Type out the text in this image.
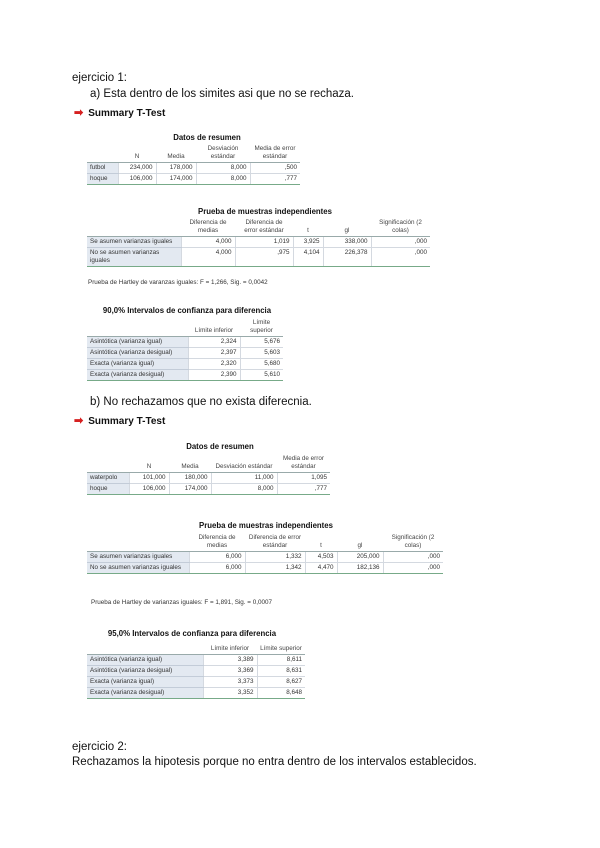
ejercicio 1:
a) Esta dentro de los simites asi que no se rechaza.
➡ Summary T-Test
Datos de resumen
	N	Media	Desviación estándar	Media de error estándar
futbol	234,000	178,000	8,000	,500
hoque	106,000	174,000	8,000	,777
Prueba de muestras independientes
	Diferencia de medias	Diferencia de error estándar	t	gl	Significación (2 colas)
Se asumen varianzas iguales	4,000	1,019	3,925	338,000	,000
No se asumen varianzas iguales	4,000	,975	4,104	226,378	,000
Prueba de Hartley de varanzas iguales: F = 1,266, Sig. = 0,0042
90,0% Intervalos de confianza para diferencia
	Límite inferior	Límite superior
Asintótica (varianza igual)	2,324	5,676
Asintótica (varianza desigual)	2,397	5,603
Exacta (varianza igual)	2,320	5,680
Exacta (varianza desigual)	2,390	5,610
b) No rechazamos que no exista diferecnia.
➡ Summary T-Test
Datos de resumen
	N	Media	Desviación estándar	Media de error estándar
waterpolo	101,000	180,000	11,000	1,095
hoque	106,000	174,000	8,000	,777
Prueba de muestras independientes
	Diferencia de medias	Diferencia de error estándar	t	gl	Significación (2 colas)
Se asumen varianzas iguales	6,000	1,332	4,503	205,000	,000
No se asumen varianzas iguales	6,000	1,342	4,470	182,136	,000
Prueba de Hartley de varianzas iguales: F = 1,891, Sig. = 0,0007
95,0% Intervalos de confianza para diferencia
	Límite inferior	Límite superior
Asintótica (varianza igual)	3,389	8,611
Asintótica (varianza desigual)	3,369	8,631
Exacta (varianza igual)	3,373	8,627
Exacta (varianza desigual)	3,352	8,648
ejercicio 2:
Rechazamos la hipotesis porque no entra dentro de los intervalos establecidos.
